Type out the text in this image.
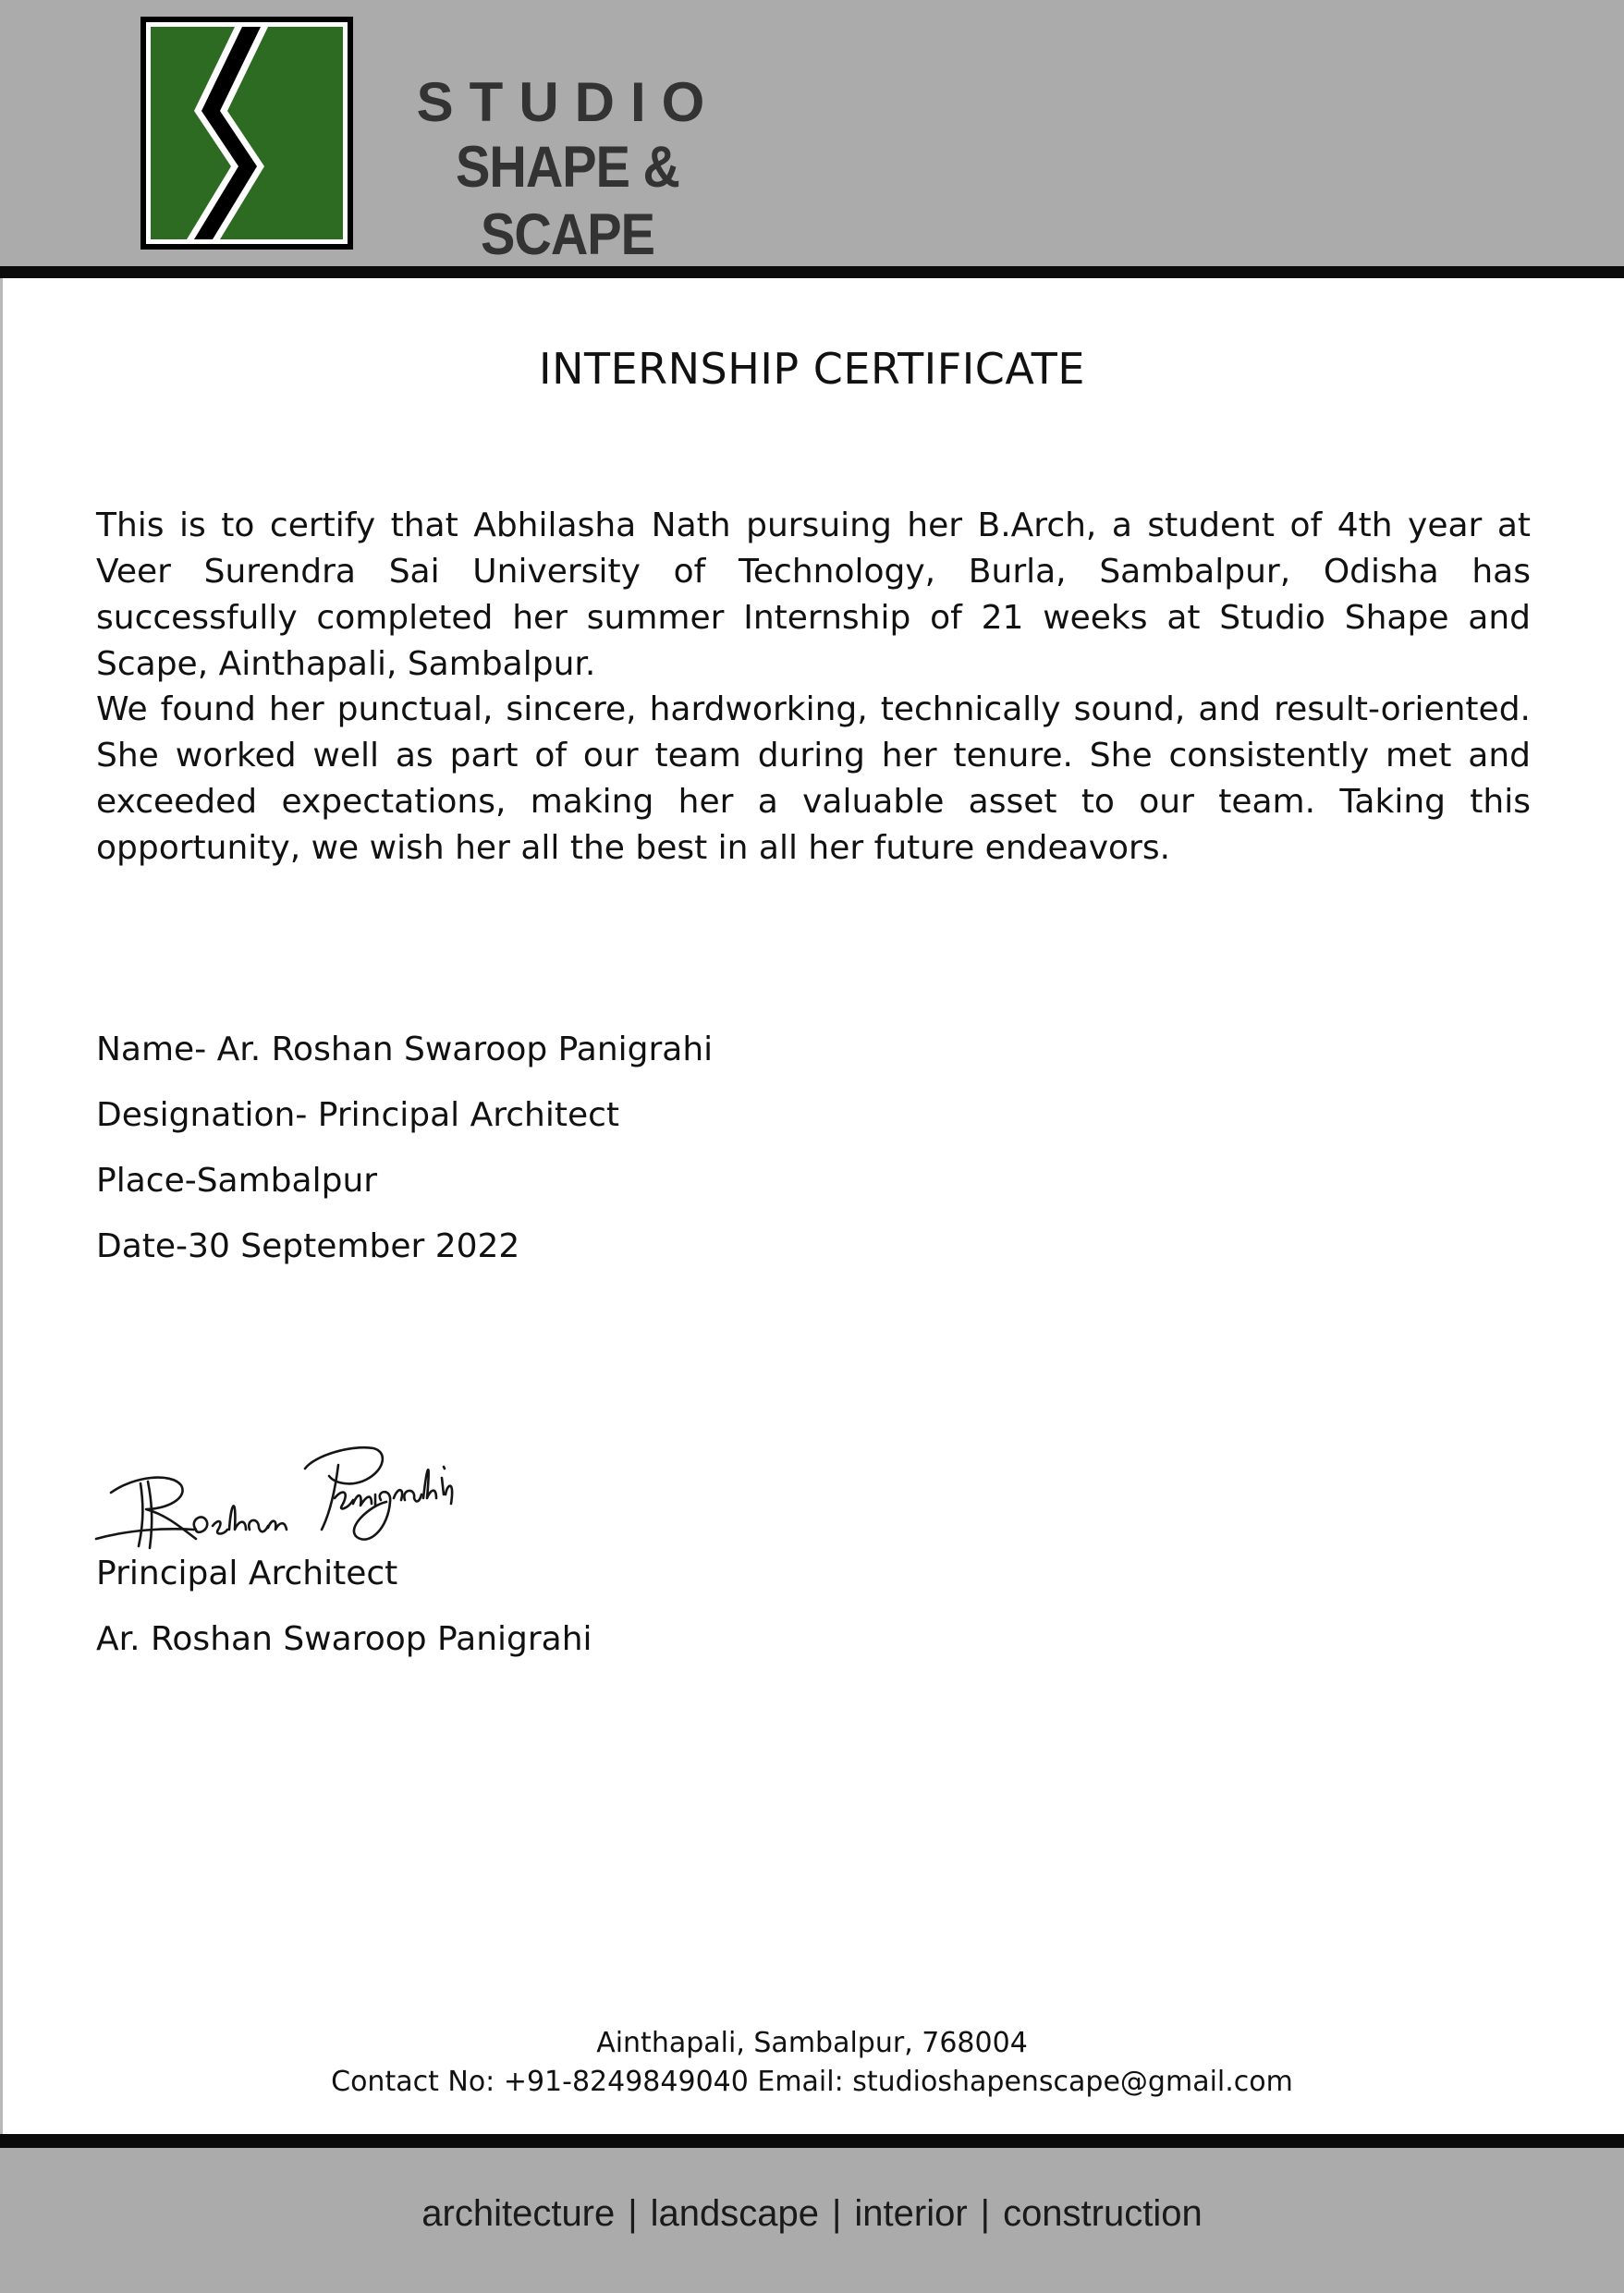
STUDIO
SHAPE & SCAPE
INTERNSHIP CERTIFICATE
This is to certify that Abhilasha Nath pursuing her B.Arch, a student of 4th year at Veer Surendra Sai University of Technology, Burla, Sambalpur, Odisha has successfully completed her summer Internship of 21 weeks at Studio Shape and Scape, Ainthapali, Sambalpur.
We found her punctual, sincere, hardworking, technically sound, and result-oriented. She worked well as part of our team during her tenure. She consistently met and exceeded expectations, making her a valuable asset to our team. Taking this opportunity, we wish her all the best in all her future endeavors.
Name- Ar. Roshan Swaroop Panigrahi
Designation- Principal Architect
Place-Sambalpur
Date-30 September 2022
Principal Architect
Ar. Roshan Swaroop Panigrahi
Ainthapali, Sambalpur, 768004
Contact No: +91-8249849040 Email: studioshapenscape@gmail.com
architecture | landscape | interior | construction
